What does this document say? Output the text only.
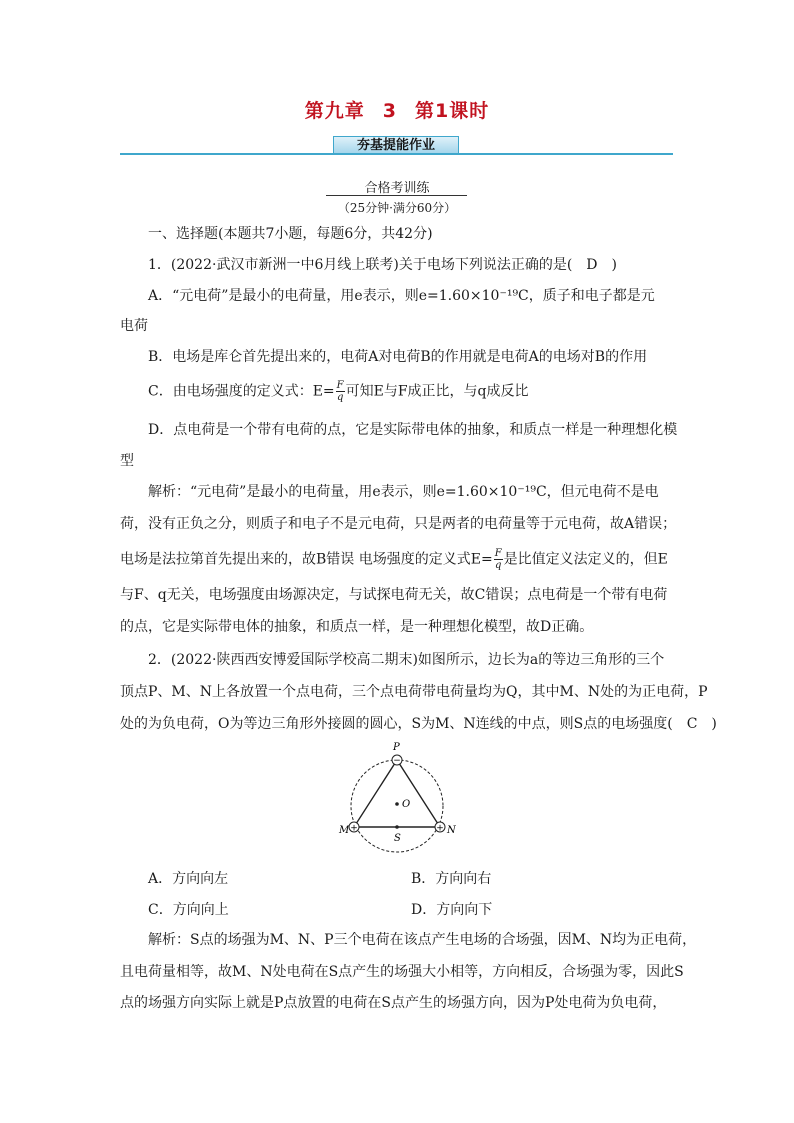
第九章 3 第1课时
夯基提能作业
合格考训练
（25分钟·满分60分）
一、选择题(本题共7小题，每题6分，共42分)
1．(2022·武汉市新洲一中6月线上联考)关于电场下列说法正确的是(　D　)
A．“元电荷”是最小的电荷量，用e表示，则e=1.60×10⁻¹⁹C，质子和电子都是元
电荷
B．电场是库仑首先提出来的，电荷A对电荷B的作用就是电荷A的电场对B的作用
C．由电场强度的定义式：$E= \frac{F}{q}$ 可知E与F成正比，与q成反比
D．点电荷是一个带有电荷的点，它是实际带电体的抽象，和质点一样是一种理想化模
型
解析：“元电荷”是最小的电荷量，用e表示，则e=1.60×10⁻¹⁹C，但元电荷不是电
荷，没有正负之分，则质子和电子不是元电荷，只是两者的电荷量等于元电荷，故A错误；
电场是法拉第首先提出来的，故B错误 电场强度的定义式$E= \frac{F}{q}$ 是比值定义法定义的，但E
与F、q无关，电场强度由场源决定，与试探电荷无关，故C错误；点电荷是一个带有电荷
的点，它是实际带电体的抽象，和质点一样，是一种理想化模型，故D正确。
2．(2022·陕西西安博爱国际学校高二期末)如图所示，边长为a的等边三角形的三个
顶点P、M、N上各放置一个点电荷，三个点电荷带电荷量均为Q，其中M、N处的为正电荷，P
处的为负电荷，O为等边三角形外接圆的圆心，S为M、N连线的中点，则S点的电场强度(　C　)
−
+	+
P
M	N
O
S
A．方向向左	B．方向向右
C．方向向上	D．方向向下
解析：S点的场强为M、N、P三个电荷在该点产生电场的合场强，因M、N均为正电荷，
且电荷量相等，故M、N处电荷在S点产生的场强大小相等，方向相反，合场强为零，因此S
点的场强方向实际上就是P点放置的电荷在S点产生的场强方向，因为P处电荷为负电荷，
